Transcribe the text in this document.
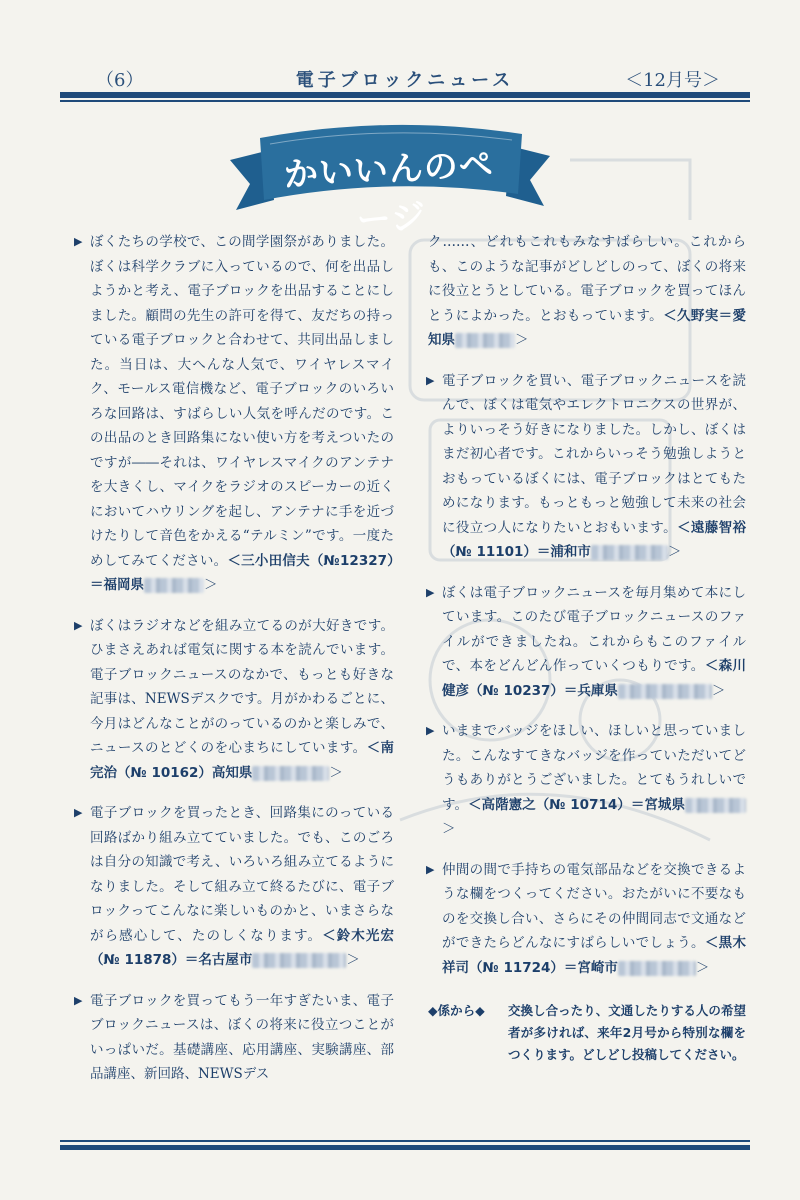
（6）	電子ブロックニュース	＜12月号＞
かいいんのページ
▶ ぼくたちの学校で、この間学園祭がありました。ぼくは科学クラブに入っているので、何を出品しようかと考え、電子ブロックを出品することにしました。顧問の先生の許可を得て、友だちの持っている電子ブロックと合わせて、共同出品しました。当日は、大へんな人気で、ワイヤレスマイク、モールス電信機など、電子ブロックのいろいろな回路は、すばらしい人気を呼んだのです。この出品のとき回路集にない使い方を考えついたのですが――それは、ワイヤレスマイクのアンテナを大きくし、マイクをラジオのスピーカーの近くにおいてハウリングを起し、アンテナに手を近づけたりして音色をかえる“テルミン”です。一度ためしてみてください。＜三小田信夫（№12327）＝福岡県	＞
▶ ぼくはラジオなどを組み立てるのが大好きです。ひまさえあれば電気に関する本を読んでいます。電子ブロックニュースのなかで、もっとも好きな記事は、NEWSデスクです。月がかわるごとに、今月はどんなことがのっているのかと楽しみで、ニュースのとどくのを心まちにしています。＜南完治（№ 10162）高知県	＞
▶ 電子ブロックを買ったとき、回路集にのっている回路ばかり組み立てていました。でも、このごろは自分の知識で考え、いろいろ組み立てるようになりました。そして組み立て終るたびに、電子ブロックってこんなに楽しいものかと、いまさらながら感心して、たのしくなります。＜鈴木光宏（№ 11878）＝名古屋市	＞
▶ 電子ブロックを買ってもう一年すぎたいま、電子ブロックニュースは、ぼくの将来に役立つことがいっぱいだ。基礎講座、応用講座、実験講座、部品講座、新回路、NEWSデス
ク……、どれもこれもみなすばらしい。これからも、このような記事がどしどしのって、ぼくの将来に役立とうとしている。電子ブロックを買ってほんとうによかった。とおもっています。＜久野実＝愛知県	＞
▶ 電子ブロックを買い、電子ブロックニュースを読んで、ぼくは電気やエレクトロニクスの世界が、よりいっそう好きになりました。しかし、ぼくはまだ初心者です。これからいっそう勉強しようとおもっているぼくには、電子ブロックはとてもためになります。もっともっと勉強して未来の社会に役立つ人になりたいとおもいます。＜遠藤智裕（№ 11101）＝浦和市	＞
▶ ぼくは電子ブロックニュースを毎月集めて本にしています。このたび電子ブロックニュースのファイルができましたね。これからもこのファイルで、本をどんどん作っていくつもりです。＜森川健彦（№ 10237）＝兵庫県	＞
▶ いままでバッジをほしい、ほしいと思っていました。こんなすてきなバッジを作っていただいてどうもありがとうございました。とてもうれしいです。＜高階憲之（№ 10714）＝宮城県＞
▶ 仲間の間で手持ちの電気部品などを交換できるような欄をつくってください。おたがいに不要なものを交換し合い、さらにその仲間同志で文通などができたらどんなにすばらしいでしょう。＜黒木祥司（№ 11724）＝宮崎市	＞
◆係から◆	交換し合ったり、文通したりする人の希望者が多ければ、来年2月号から特別な欄をつくります。どしどし投稿してください。
